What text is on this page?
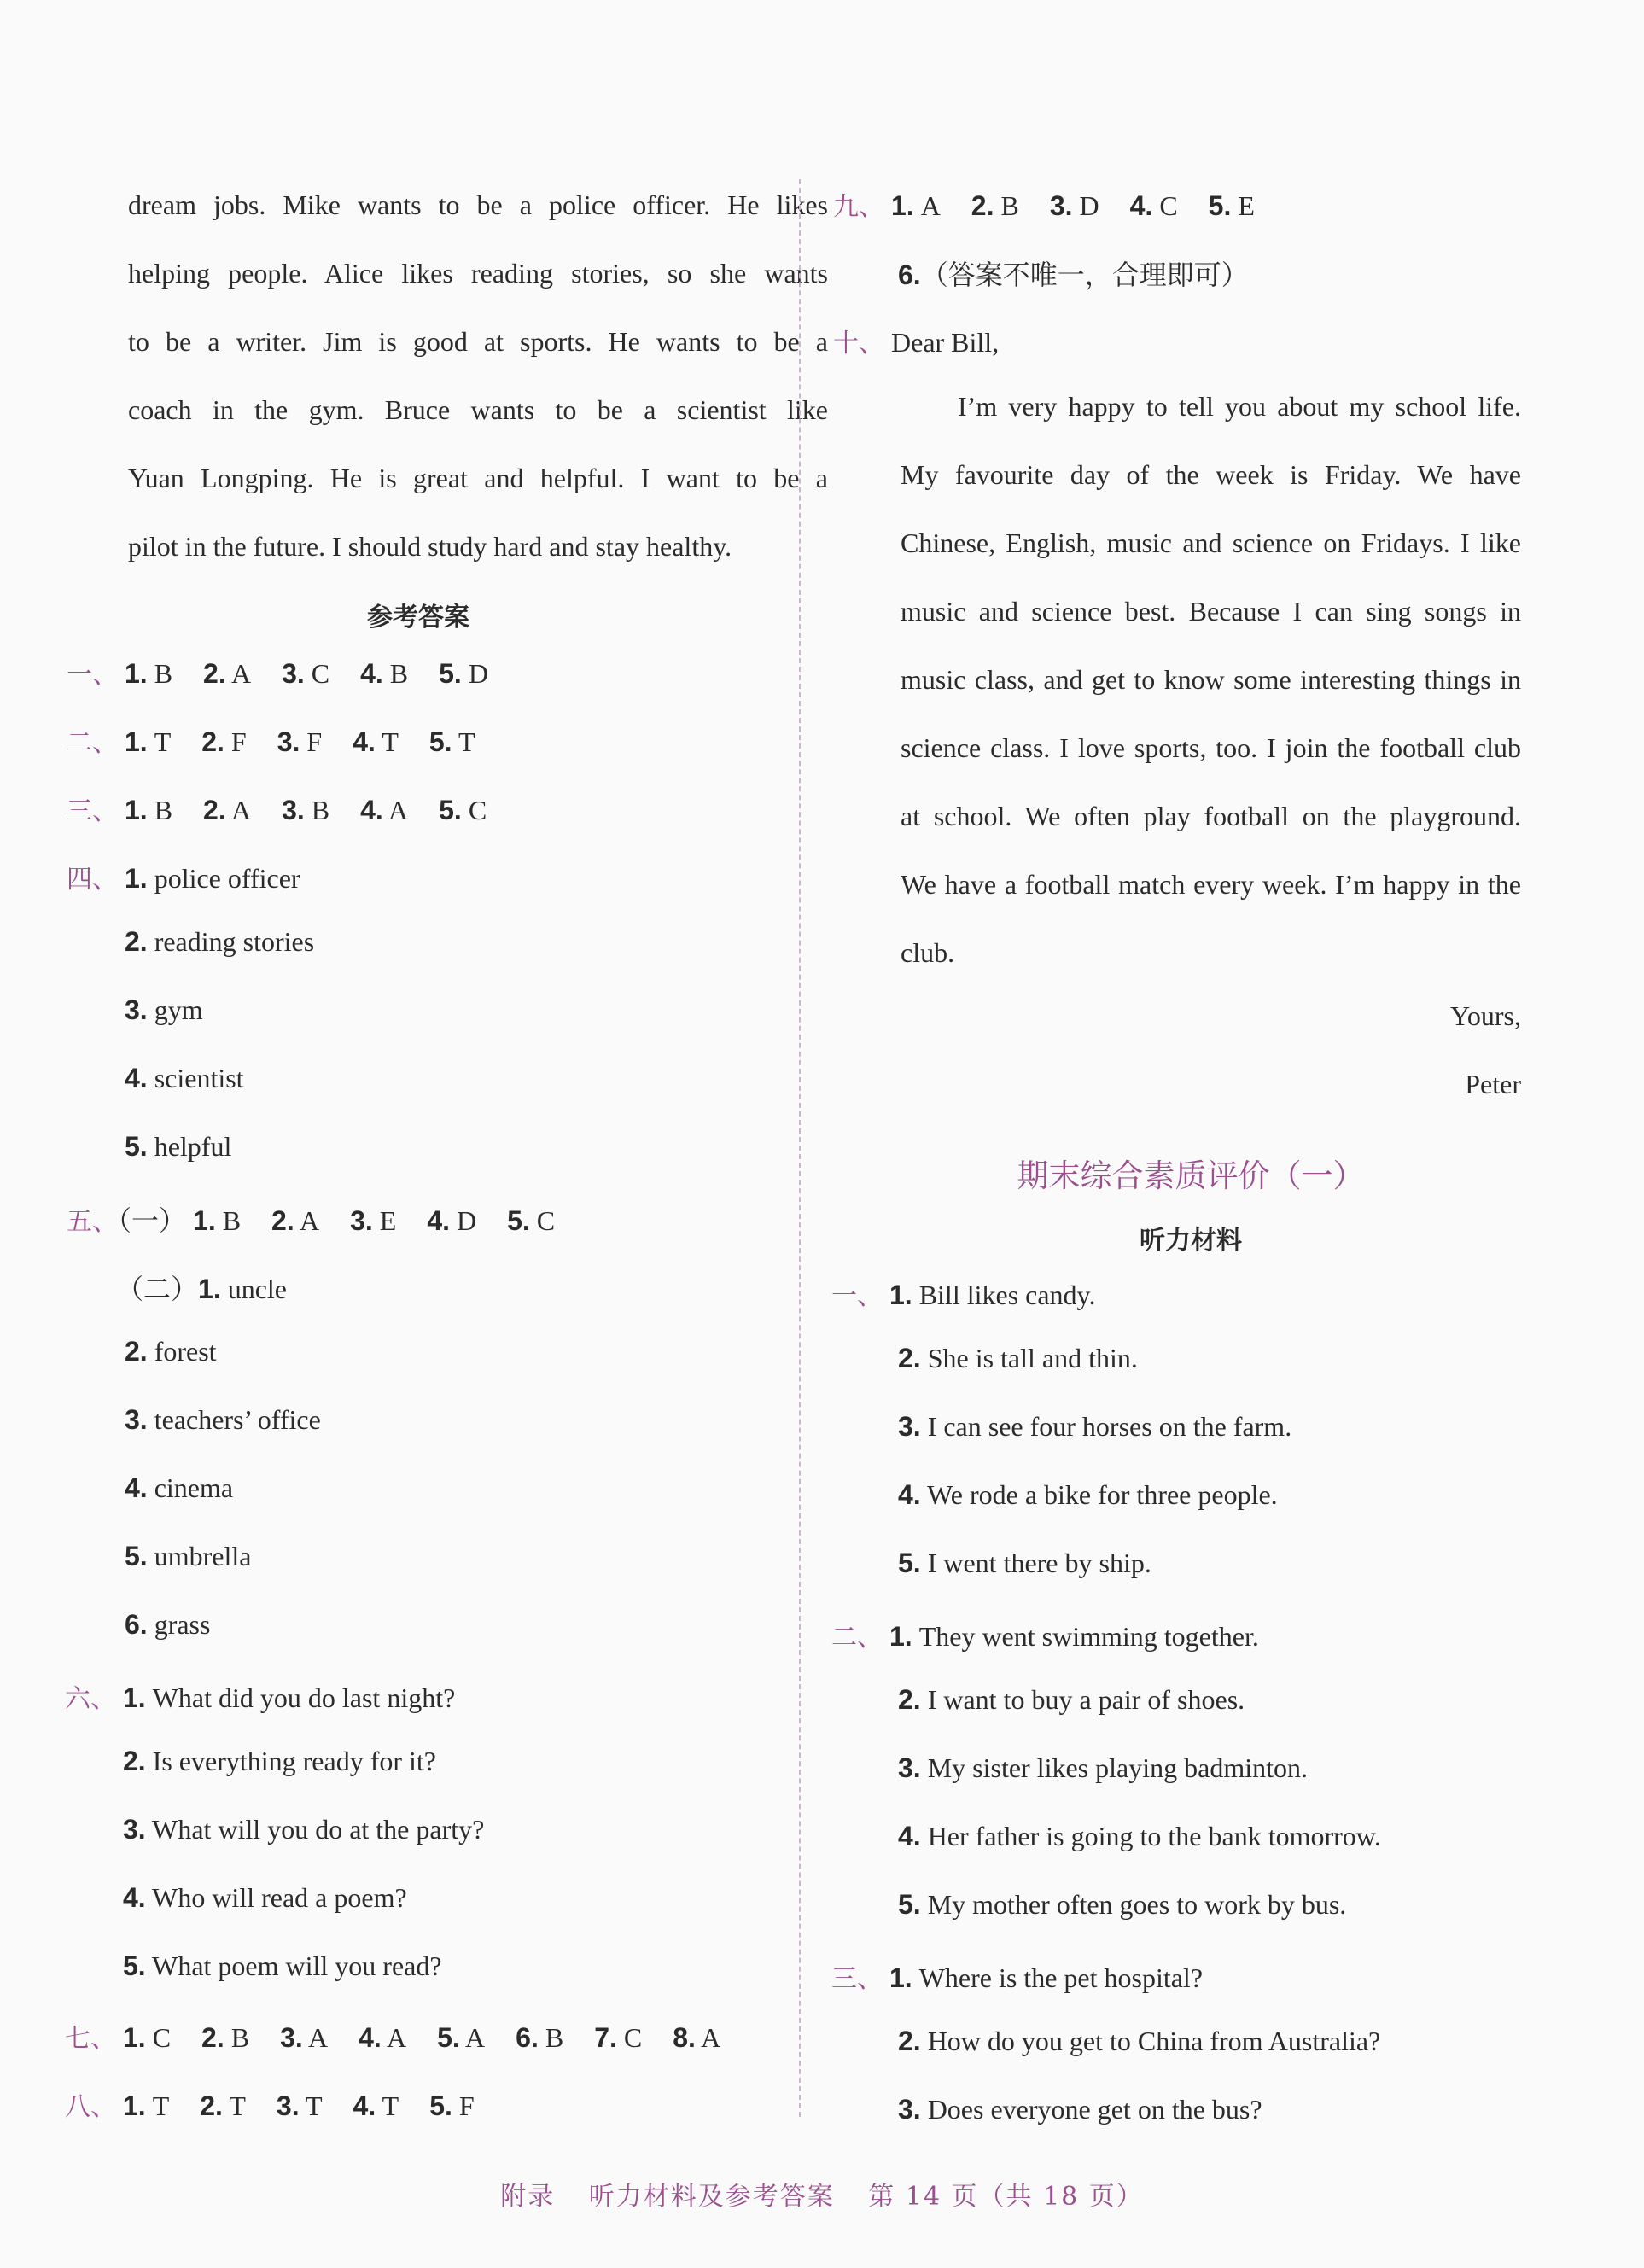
dream jobs. Mike wants to be a police officer. He likes
helping people. Alice likes reading stories, so she wants
to be a writer. Jim is good at sports. He wants to be a
coach in the gym. Bruce wants to be a scientist like
Yuan Longping. He is great and helpful. I want to be a
pilot in the future. I should study hard and stay healthy.
参考答案
一、 1. B 2. A 3. C 4. B 5. D
二、 1. T 2. F 3. F 4. T 5. T
三、 1. B 2. A 3. B 4. A 5. C
四、 1. police officer
2. reading stories
3. gym
4. scientist
5. helpful
五、（一） 1. B 2. A 3. E 4. D 5. C
（二）1. uncle
2. forest
3. teachers’ office
4. cinema
5. umbrella
6. grass
六、 1. What did you do last night?
2. Is everything ready for it?
3. What will you do at the party?
4. Who will read a poem?
5. What poem will you read?
七、 1. C 2. B 3. A 4. A 5. A 6. B 7. C 8. A
八、 1. T 2. T 3. T 4. T 5. F
九、 1. A 2. B 3. D 4. C 5. E
6.（答案不唯一，合理即可）
十、 Dear Bill,
I’m very happy to tell you about my school life.
My favourite day of the week is Friday. We have
Chinese, English, music and science on Fridays. I like
music and science best. Because I can sing songs in
music class, and get to know some interesting things in
science class. I love sports, too. I join the football club
at school. We often play football on the playground.
We have a football match every week. I’m happy in the
club.
Yours,
Peter
期末综合素质评价（一）
听力材料
一、 1. Bill likes candy.
2. She is tall and thin.
3. I can see four horses on the farm.
4. We rode a bike for three people.
5. I went there by ship.
二、 1. They went swimming together.
2. I want to buy a pair of shoes.
3. My sister likes playing badminton.
4. Her father is going to the bank tomorrow.
5. My mother often goes to work by bus.
三、 1. Where is the pet hospital?
2. How do you get to China from Australia?
3. Does everyone get on the bus?
附录 听力材料及参考答案 第 14 页（共 18 页）
